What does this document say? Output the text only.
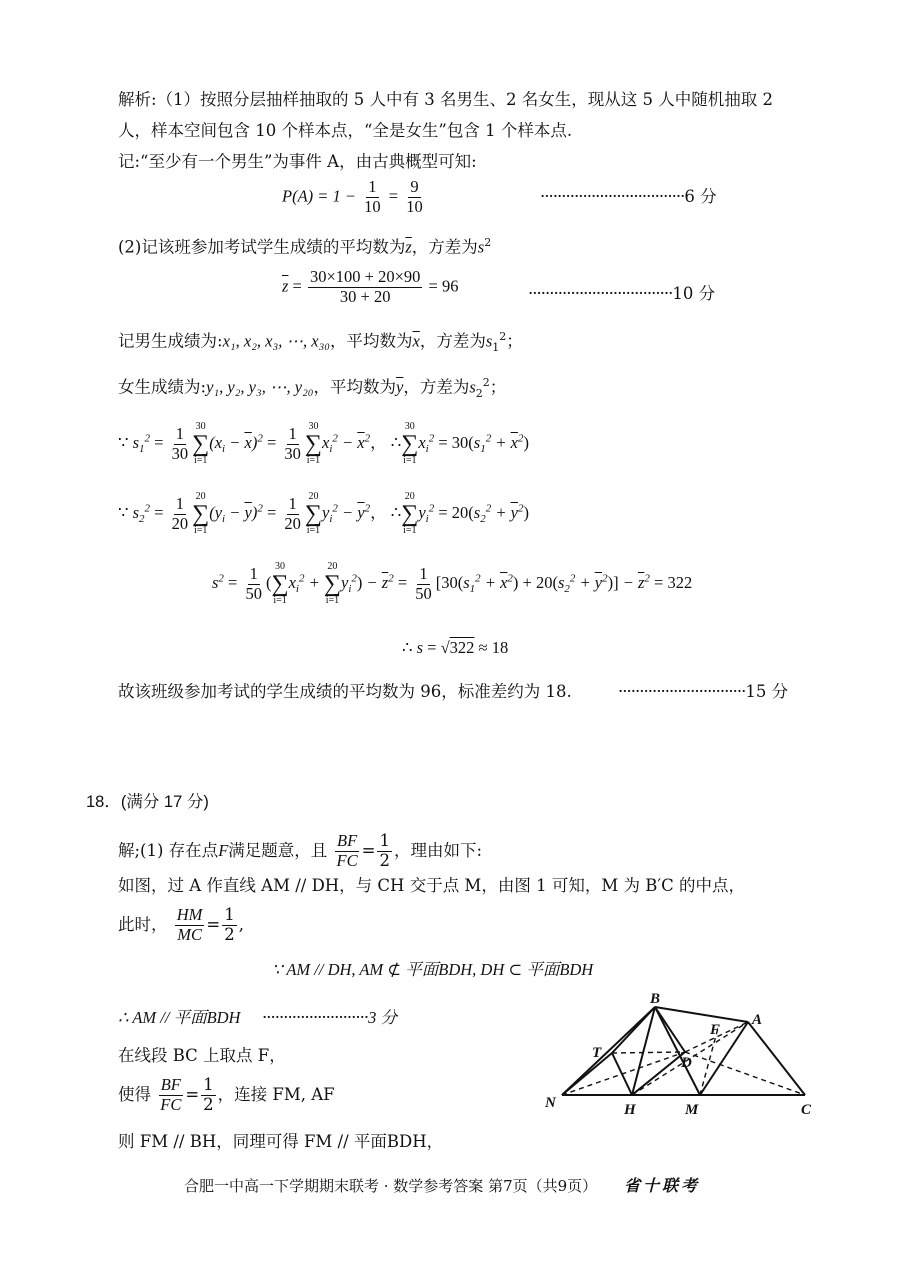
解析:（1）按照分层抽样抽取的 5 人中有 3 名男生、2 名女生，现从这 5 人中随机抽取 2
人，样本空间包含 10 个样本点，“全是女生”包含 1 个样本点.
记:“至少有一个男生”为事件 A，由古典概型可知:
$P(A) = 1 - \frac{1}{10} = \frac{9}{10}$	··································6 分
(2)记该班参加考试学生成绩的平均数为$\overline{z}$，方差为$s^2$
$\overline{z} = \frac{30\times 100 + 20\times 90}{30 + 20} = 96$	··································10 分
记男生成绩为:x₁, x₂, x₃, ⋯, x₃₀，平均数为$\overline{x}$，方差为$s_1^2$；
女生成绩为:y₁, y₂, y₃, ⋯, y₂₀，平均数为$\overline{y}$，方差为$s_2^2$；
∵ $s_1^2 = \frac{1}{30} 30$
∑
i=1
$(x_i - \overline{x})^2 = \frac{1}{30} 30$
∑
i=1
$x_i^2 - \overline{x}^2$， ∴
30
∑
i=1
$x_i^2 = 30(s_1^2 + \overline{x}^2)$
∵ $s_2^2 = \frac{1}{20} 20$
∑
i=1
$(y_i - \overline{y})^2 = \frac{1}{20} 20$
∑
i=1
$y_i^2 - \overline{y}^2$， ∴
20
∑
i=1
$y_i^2 = 20(s_2^2 + \overline{y}^2)$
$s^2 = \frac{1}{50}$ (
30
∑
i=1
$x_i^2$ +
20
∑
i=1
$y_i^2) - \overline{z}^2 = \frac{1}{50} [30(s_1^2 + \overline{x}^2) + 20(s_2^2 + \overline{y}^2)] - \overline{z}^2 = 322$
∴ s = √322 ≈ 18
故该班级参加考试的学生成绩的平均数为 96，标准差约为 18.	······························15 分
18．(满分 17 分)
解;(1) 存在点F满足题意，且 $\frac{BF}{FC} = \frac{1}{2}$ ，理由如下:
如图，过 A 作直线 AM // DH，与 CH 交于点 M，由图 1 可知，M 为 B′C 的中点，
此时， $\frac{HM}{MC} = \frac{1}{2}$ ,
∵ AM // DH, AM ⊄ 平面BDH, DH ⊂ 平面BDH
∴ AM // 平面BDH ·························3 分
在线段 BC 上取点 F，
使得 $\frac{BF}{FC} = \frac{1}{2}$ ，连接 FM, AF
则 FM // BH，同理可得 FM // 平面BDH，
B
A
F
T
D
N	H	M	C
合肥一中高一下学期期末联考 · 数学参考答案 第7页（共9页） 省十联考
